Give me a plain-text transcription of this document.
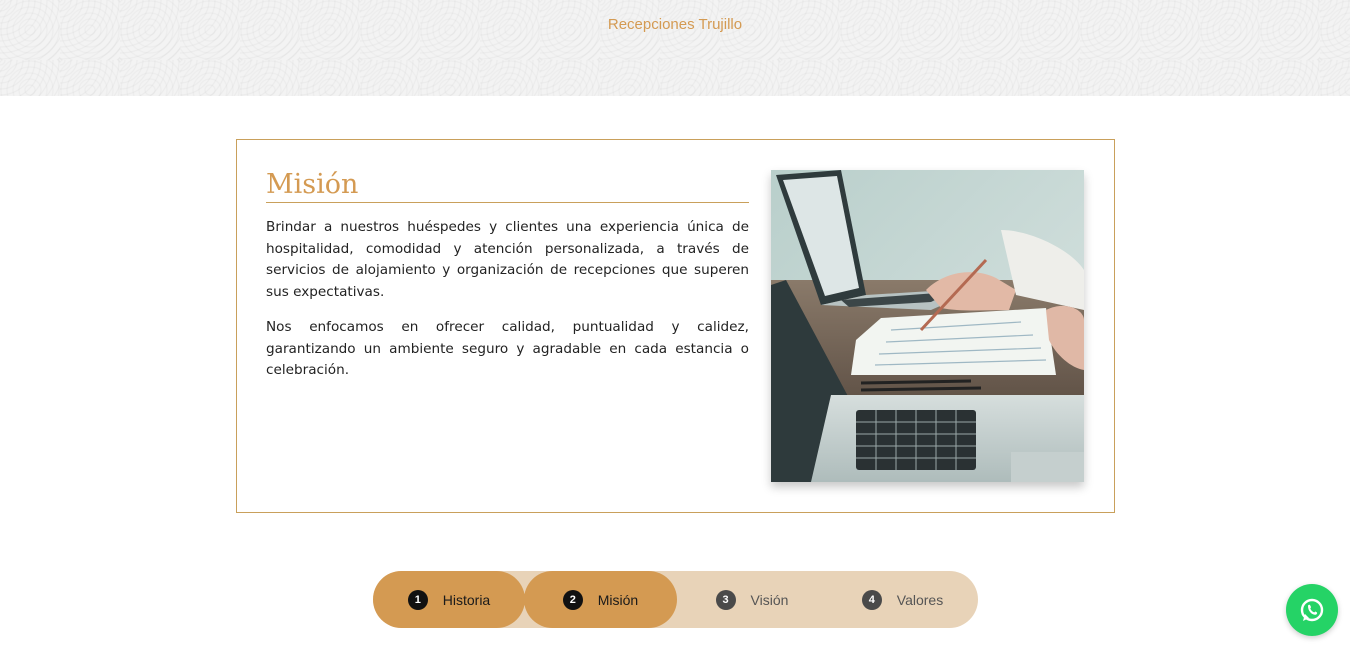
Recepciones Trujillo
Misión

Brindar a nuestros huéspedes y clientes una experiencia única de hospitalidad, comodidad y atención personalizada, a través de servicios de alojamiento y organización de recepciones que superen sus expectativas.

Nos enfocamos en ofrecer calidad, puntualidad y calidez, garantizando un ambiente seguro y agradable en cada estancia o celebración.

1	Historia	2	Misión	3	Visión	4	Valores
